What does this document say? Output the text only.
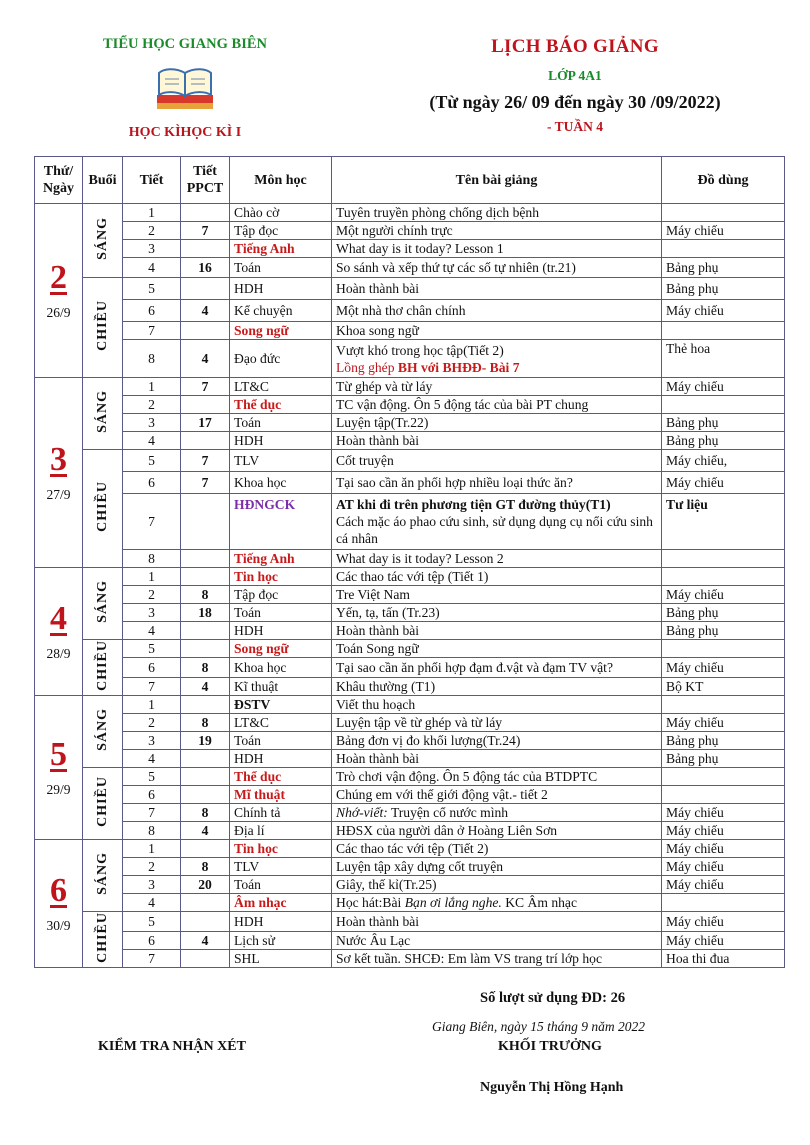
TIỂU HỌC GIANG BIÊN
HỌC KÌHỌC KÌ I
LỊCH BÁO GIẢNG
LỚP 4A1
(Từ ngày 26/ 09 đến ngày 30 /09/2022)
- TUẦN 4
Thứ/ Ngày	Buổi	Tiết	Tiết PPCT	Môn học	Tên bài giảng	Đồ dùng

2
26/9	SÁNG	1		Chào cờ	Tuyên truyền phòng chống dịch bệnh	
		2	7	Tập đọc	Một người chính trực	Máy chiếu
		3		Tiếng Anh	What day is it today? Lesson 1	
		4	16	Toán	So sánh và xếp thứ tự các số tự nhiên (tr.21)	Bảng phụ
	CHIỀU	5		HDH	Hoàn thành bài	Bảng phụ
		6	4	Kể chuyện	Một nhà thơ chân chính	Máy chiếu
		7		Song ngữ	Khoa song ngữ	
		8	4	Đạo đức	Vượt khó trong học tập(Tiết 2)
Lồng ghép BH với BHĐĐ- Bài 7	Thẻ hoa

3
27/9	SÁNG	1	7	LT&C	Từ ghép và từ láy	Máy chiếu
		2		Thể dục	TC vận động. Ôn 5 động tác của bài PT chung	
		3	17	Toán	Luyện tập(Tr.22)	Bảng phụ
		4		HDH	Hoàn thành bài	Bảng phụ
	CHIỀU	5	7	TLV	Cốt truyện	Máy chiếu,
		6	7	Khoa học	Tại sao cần ăn phối hợp nhiều loại thức ăn?	Máy chiếu
		7		HĐNGCK	AT khi đi trên phương tiện GT đường thủy(T1)
Cách mặc áo phao cứu sinh, sử dụng dụng cụ nổi cứu sinh cá nhân	Tư liệu
		8		Tiếng Anh	What day is it today? Lesson 2	

4
28/9	SÁNG	1		Tin học	Các thao tác với tệp (Tiết 1)	
		2	8	Tập đọc	Tre Việt Nam	Máy chiếu
		3	18	Toán	Yến, tạ, tấn (Tr.23)	Bảng phụ
		4		HDH	Hoàn thành bài	Bảng phụ
	CHIỀU	5		Song ngữ	Toán Song ngữ	
		6	8	Khoa học	Tại sao cần ăn phối hợp đạm đ.vật và đạm TV vật?	Máy chiếu
		7	4	Kĩ thuật	Khâu thường (T1)	Bộ KT

5
29/9	SÁNG	1		ĐSTV	Viết thu hoạch	
		2	8	LT&C	Luyện tập về từ ghép và từ láy	Máy chiếu
		3	19	Toán	Bảng đơn vị đo khối lượng(Tr.24)	Bảng phụ
		4		HDH	Hoàn thành bài	Bảng phụ
	CHIỀU	5		Thể dục	Trò chơi vận động. Ôn 5 động tác của BTDPTC	
		6		Mĩ thuật	Chúng em với thế giới động vật.- tiết 2	
		7	8	Chính tả	Nhớ-viết: Truyện cổ nước mình	Máy chiếu
		8	4	Địa lí	HĐSX của người dân ở Hoàng Liên Sơn	Máy chiếu

6
30/9	SÁNG	1		Tin học	Các thao tác với tệp (Tiết 2)	Máy chiếu
		2	8	TLV	Luyện tập xây dựng cốt truyện	Máy chiếu
		3	20	Toán	Giây, thế kỉ(Tr.25)	Máy chiếu
		4		Âm nhạc	Học hát:Bài Bạn ơi lắng nghe. KC Âm nhạc	
	CHIỀU	5		HDH	Hoàn thành bài	Máy chiếu
		6	4	Lịch sử	Nước Âu Lạc	Máy chiếu
		7		SHL	Sơ kết tuần. SHCĐ: Em làm VS trang trí lớp học	Hoa thi đua
Số lượt sử dụng ĐD: 26
Giang Biên, ngày 15 tháng 9 năm 2022
KIỂM TRA NHẬN XÉT	KHỐI TRƯỞNG
Nguyễn Thị Hồng Hạnh
